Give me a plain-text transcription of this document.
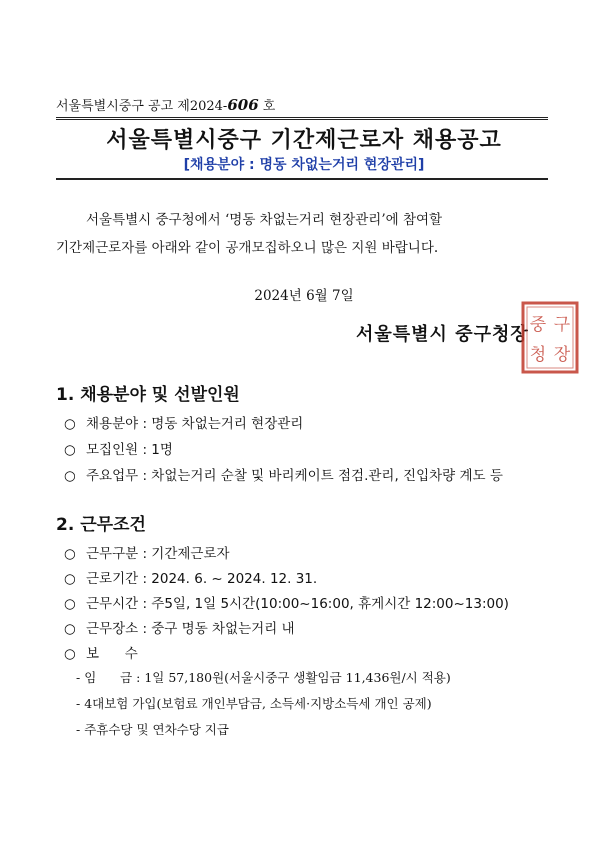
서울특별시중구 공고 제2024-606 호
서울특별시중구 기간제근로자 채용공고
[채용분야 : 명동 차없는거리 현장관리]

서울특별시 중구청에서 ‘명동 차없는거리 현장관리’에 참여할

기간제근로자를 아래와 같이 공개모집하오니 많은 지원 바랍니다.

2024년 6월 7일
서울특별시 중구청장 중 구
청 장
1. 채용분야 및 선발인원
○ 채용분야 : 명동 차없는거리 현장관리
○ 모집인원 : 1명
○ 주요업무 : 차없는거리 순찰 및 바리케이트 점검.관리, 진입차량 계도 등
2. 근무조건
○ 근무구분 : 기간제근로자
○ 근로기간 : 2024. 6. ~ 2024. 12. 31.
○ 근무시간 : 주5일, 1일 5시간(10:00~16:00, 휴게시간 12:00~13:00)
○ 근무장소 : 중구 명동 차없는거리 내
○ 보      수
- 임      금 : 1일 57,180원(서울시중구 생활임금 11,436원/시 적용)
- 4대보험 가입(보험료 개인부담금, 소득세·지방소득세 개인 공제)
- 주휴수당 및 연차수당 지급
